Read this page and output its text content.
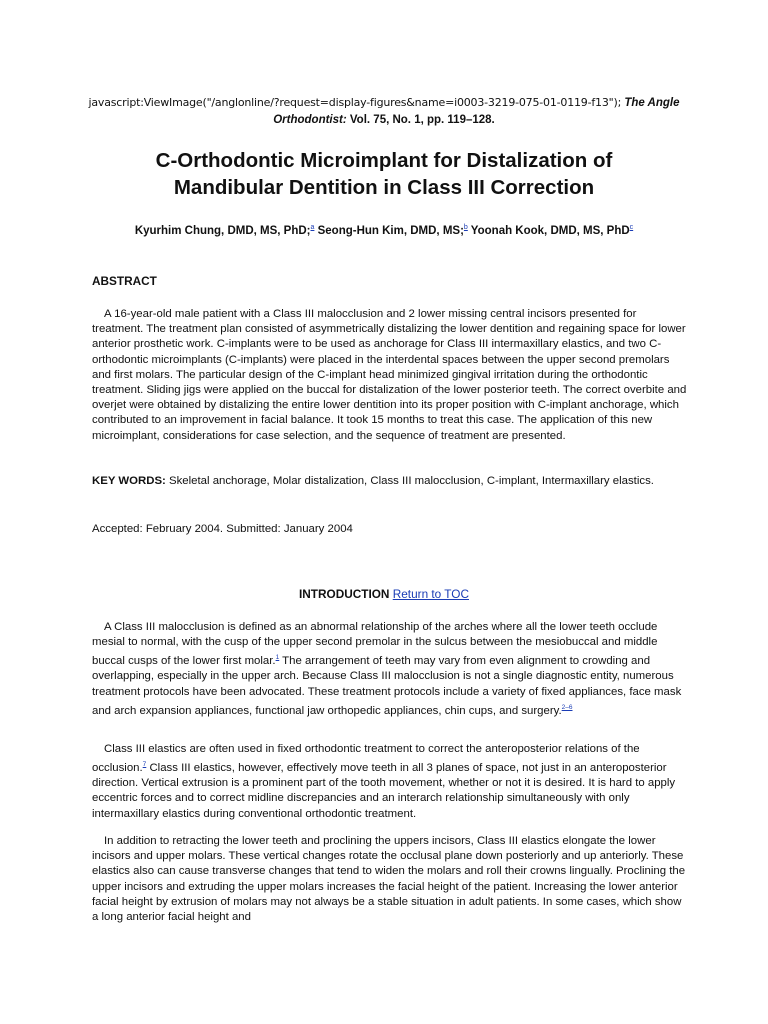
javascript:ViewImage("/anglonline/?request=display-figures&name=i0003-3219-075-01-0119-f13"); The Angle Orthodontist: Vol. 75, No. 1, pp. 119–128.
C-Orthodontic Microimplant for Distalization of
Mandibular Dentition in Class III Correction
Kyurhim Chung, DMD, MS, PhD;$^a$ Seong-Hun Kim, DMD, MS;$^b$ Yoonah Kook, DMD, MS, PhD$^c$
ABSTRACT

A 16-year-old male patient with a Class III malocclusion and 2 lower missing central incisors presented for treatment. The treatment plan consisted of asymmetrically distalizing the lower dentition and regaining space for lower anterior prosthetic work. C-implants were to be used as anchorage for Class III intermaxillary elastics, and two C-orthodontic microimplants (C-implants) were placed in the interdental spaces between the upper second premolars and first molars. The particular design of the C-implant head minimized gingival irritation during the orthodontic treatment. Sliding jigs were applied on the buccal for distalization of the lower posterior teeth. The correct overbite and overjet were obtained by distalizing the entire lower dentition into its proper position with C-implant anchorage, which contributed to an improvement in facial balance. It took 15 months to treat this case. The application of this new microimplant, considerations for case selection, and the sequence of treatment are presented.

KEY WORDS: Skeletal anchorage, Molar distalization, Class III malocclusion, C-implant, Intermaxillary elastics.

Accepted: February 2004. Submitted: January 2004

INTRODUCTION Return to TOC

A Class III malocclusion is defined as an abnormal relationship of the arches where all the lower teeth occlude mesial to normal, with the cusp of the upper second premolar in the sulcus between the mesiobuccal and middle buccal cusps of the lower first molar.$^1$ The arrangement of teeth may vary from even alignment to crowding and overlapping, especially in the upper arch. Because Class III malocclusion is not a single diagnostic entity, numerous treatment protocols have been advocated. These treatment protocols include a variety of fixed appliances, face mask and arch expansion appliances, functional jaw orthopedic appliances, chin cups, and surgery.$^{2-6}$

Class III elastics are often used in fixed orthodontic treatment to correct the anteroposterior relations of the occlusion.$^7$ Class III elastics, however, effectively move teeth in all 3 planes of space, not just in an anteroposterior direction. Vertical extrusion is a prominent part of the tooth movement, whether or not it is desired. It is hard to apply eccentric forces and to correct midline discrepancies and an interarch relationship simultaneously with only intermaxillary elastics during conventional orthodontic treatment.

In addition to retracting the lower teeth and proclining the uppers incisors, Class III elastics elongate the lower incisors and upper molars. These vertical changes rotate the occlusal plane down posteriorly and up anteriorly. These elastics also can cause transverse changes that tend to widen the molars and roll their crowns lingually. Proclining the upper incisors and extruding the upper molars increases the facial height of the patient. Increasing the lower anterior facial height by extrusion of molars may not always be a stable situation in adult patients. In some cases, which show a long anterior facial height and
